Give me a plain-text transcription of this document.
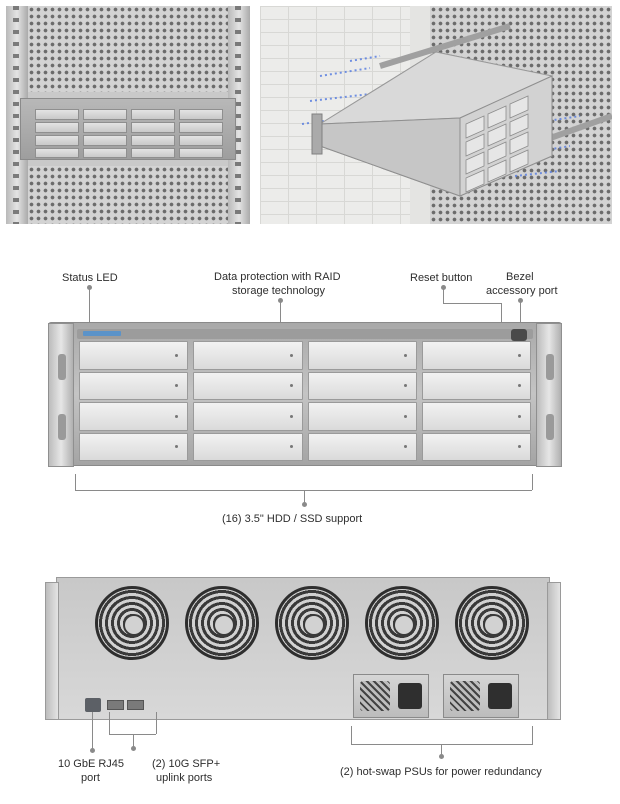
Status LED	Data protection with RAID
storage technology
Reset button	Bezel
accessory port
(16) 3.5" HDD / SSD support
10 GbE RJ45
port
(2) 10G SFP+
uplink ports	(2) hot-swap PSUs for power redundancy
